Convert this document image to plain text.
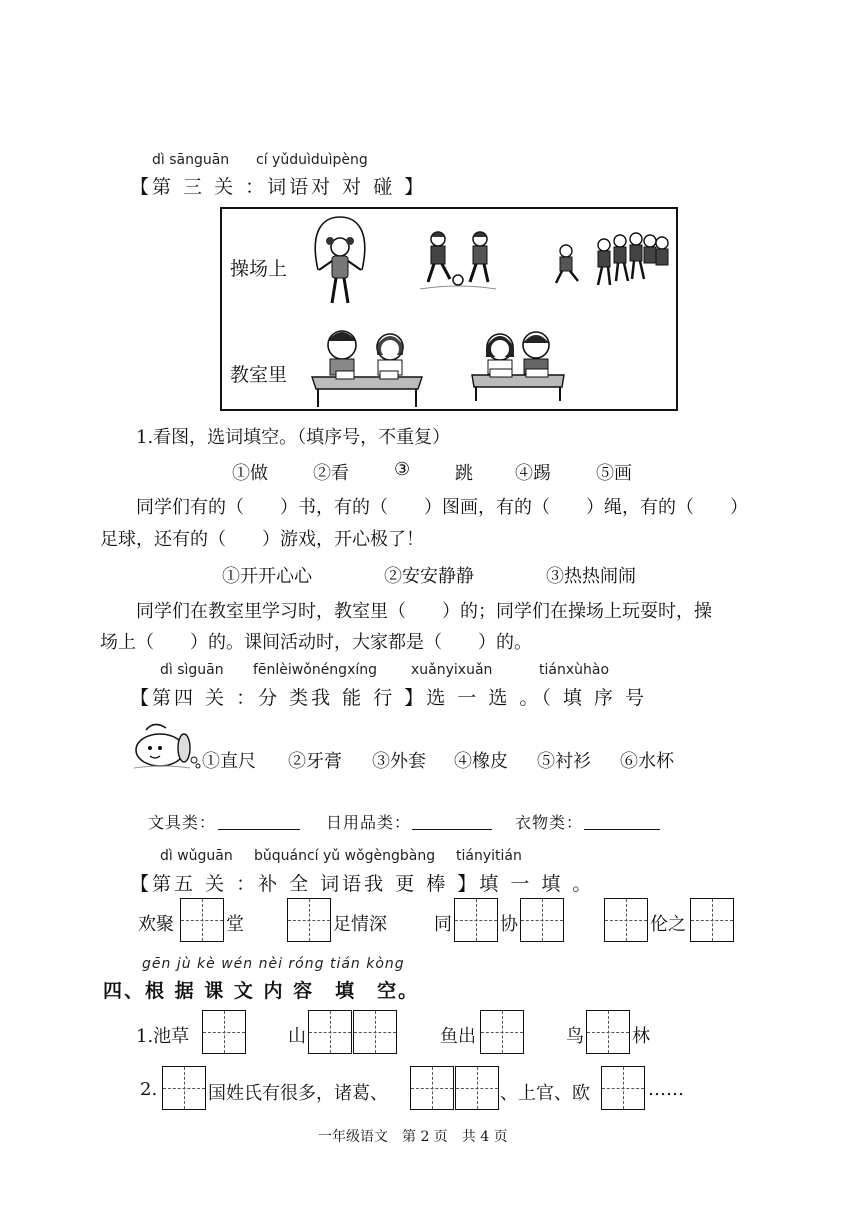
dì sānguān cí yǔduìduìpèng
【第 三 关 ：词语对 对 碰 】
操场上
教室里
1.看图，选词填空。（填序号，不重复）
①做	②看	③ 跳 ④踢	⑤画
同学们有的（　　）书，有的（　　）图画，有的（　　）绳，有的（　　）
足球，还有的（　　）游戏，开心极了！
①开开心心	②安安静静	③热热闹闹
同学们在教室里学习时，教室里（　　）的；同学们在操场上玩耍时，操
场上（　　）的。课间活动时，大家都是（　　）的。
dì sìguān fēnlèiwǒnéngxíng xuǎnyixuǎn	tiánxùhào
【第四 关 ：分 类我 能 行 】选 一 选 。（ 填 序 号
①直尺 ②牙膏 ③外套 ④橡皮 ⑤衬衫 ⑥水杯
文具类：	日用品类：	衣物类：
dì wǔguān bǔquáncí yǔ wǒgèngbàng tiányitián
【第五 关 ：补 全 词语我 更 棒 】填 一 填 。
欢聚	堂	足情深	同	协	伦之
gēn jù kè wén nèi róng tián kòng
四、根 据 课 文 内 容　填　空。
1.池草	山	鱼出	鸟	林
2.	国姓氏有很多，诸葛、	、上官、欧	……
一年级语文　第 2 页　共 4 页
